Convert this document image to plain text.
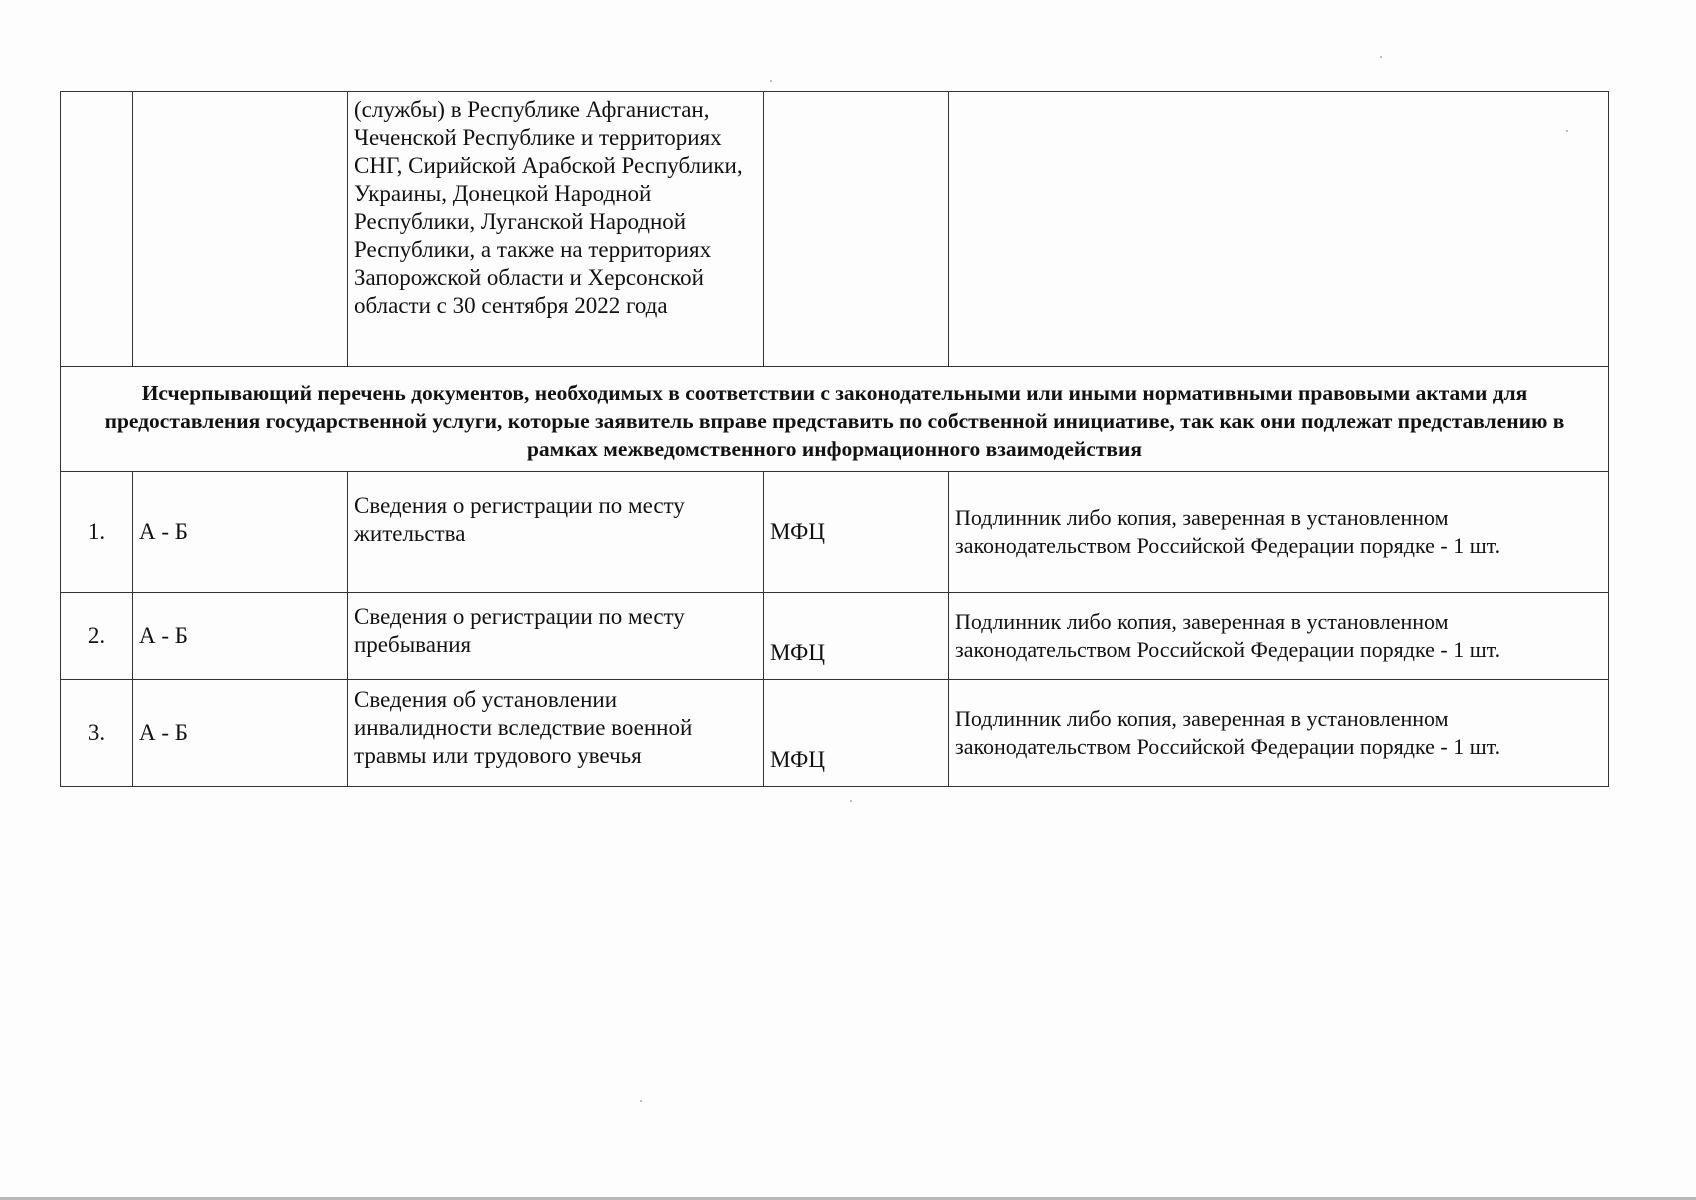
		(службы) в Республике Афганистан, Чеченской Республике и территориях СНГ, Сирийской Арабской Республики, Украины, Донецкой Народной Республики, Луганской Народной Республики, а также на территориях Запорожской области и Херсонской области с 30 сентября 2022 года		
Исчерпывающий перечень документов, необходимых в соответствии с законодательными или иными нормативными правовыми актами для предоставления государственной услуги, которые заявитель вправе представить по собственной инициативе, так как они подлежат представлению в рамках межведомственного информационного взаимодействия				
1.	А - Б	Сведения о регистрации по месту жительства	МФЦ	Подлинник либо копия, заверенная в установленном законодательством Российской Федерации порядке - 1 шт.
2.	А - Б	Сведения о регистрации по месту пребывания	МФЦ	Подлинник либо копия, заверенная в установленном законодательством Российской Федерации порядке - 1 шт.
3.	А - Б	Сведения об установлении инвалидности вследствие военной травмы или трудового увечья	МФЦ	Подлинник либо копия, заверенная в установленном законодательством Российской Федерации порядке - 1 шт.
